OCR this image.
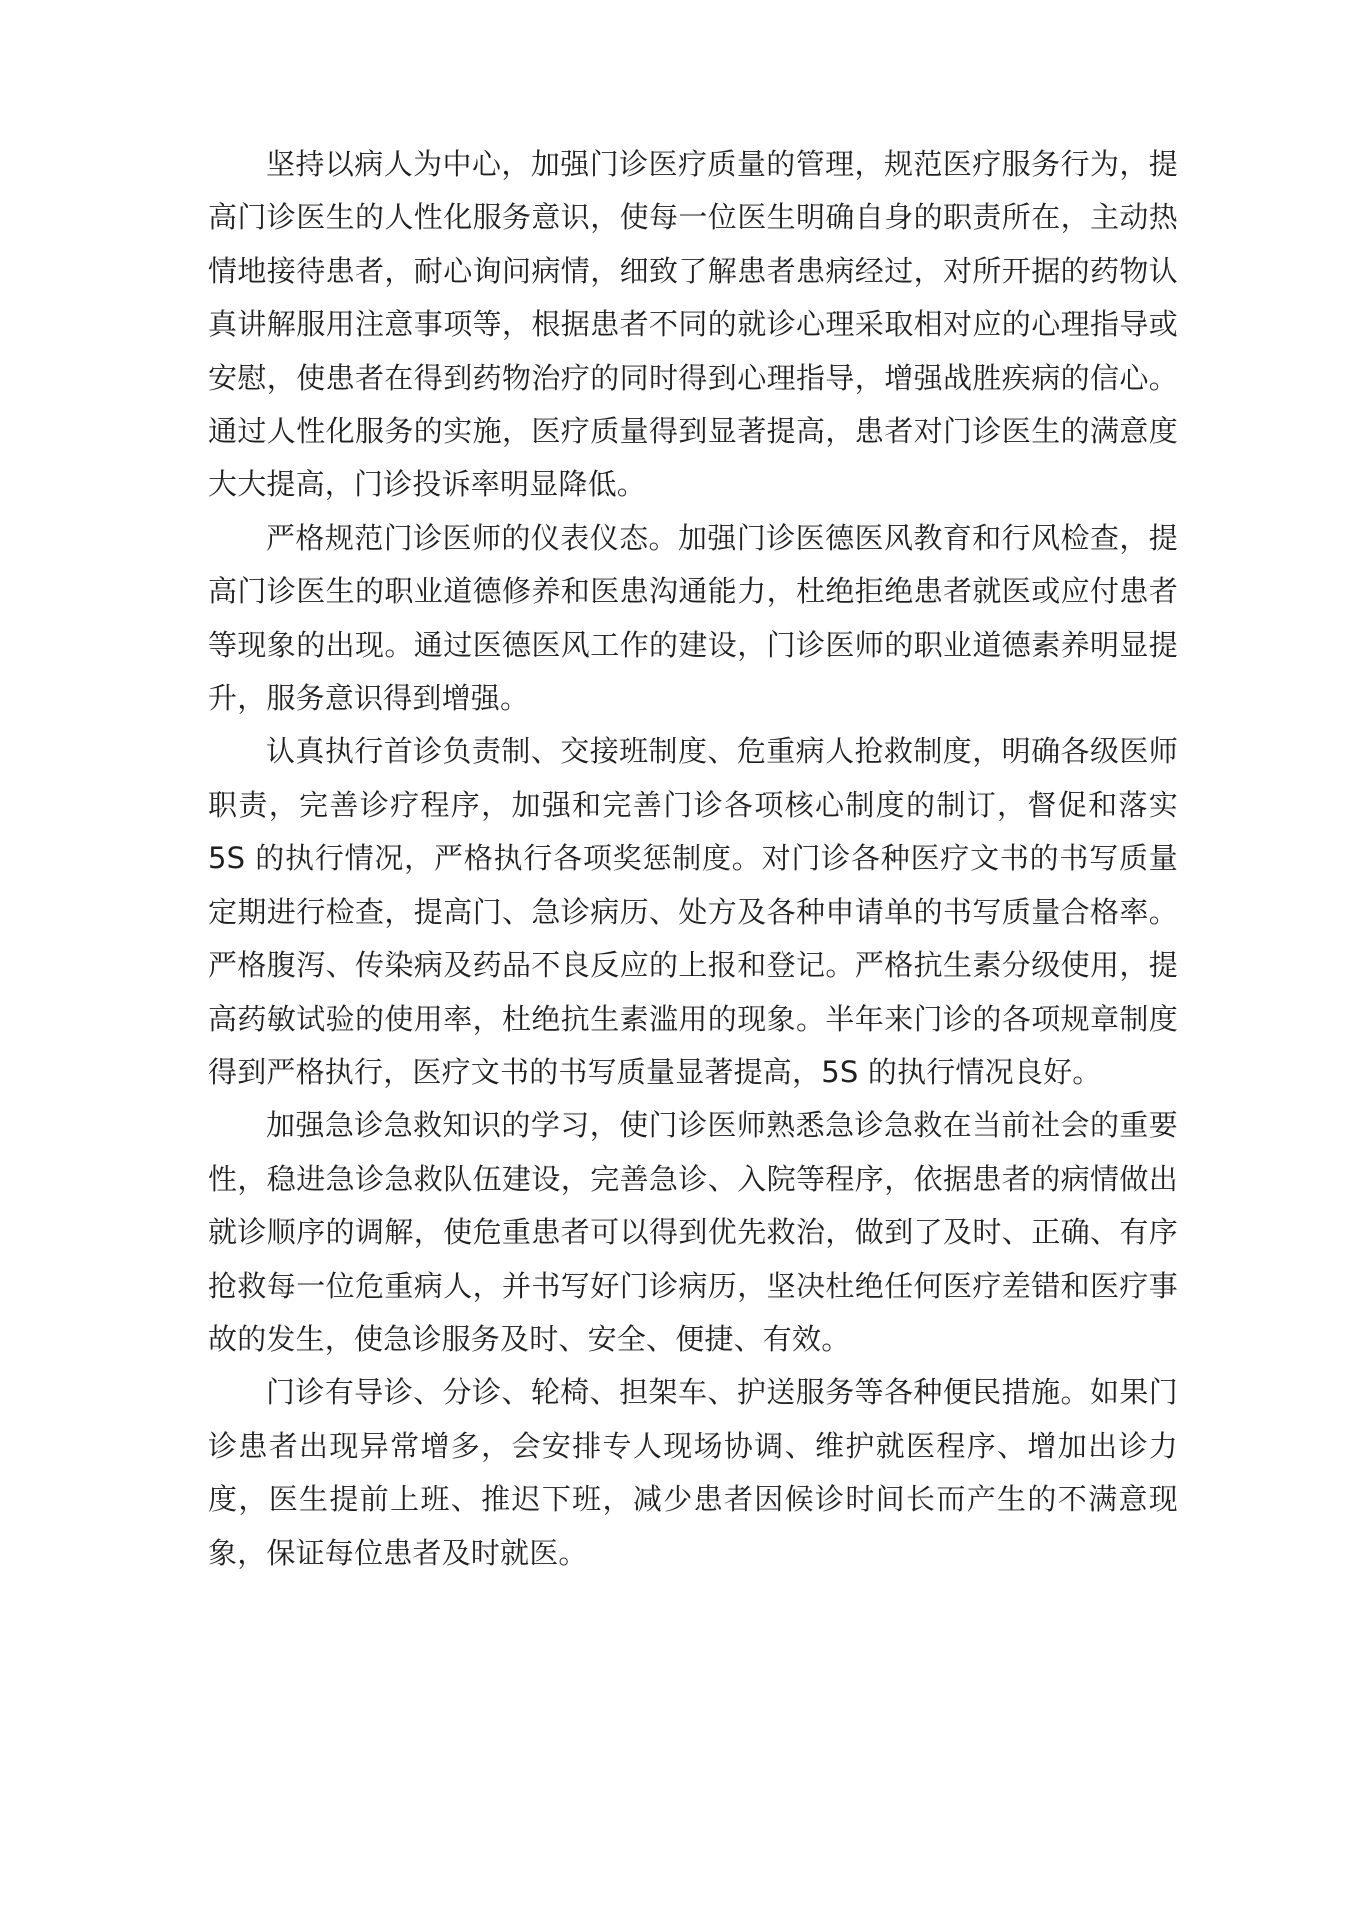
坚持以病人为中心，加强门诊医疗质量的管理，规范医疗服务行为，提高门诊医生的人性化服务意识，使每一位医生明确自身的职责所在，主动热情地接待患者，耐心询问病情，细致了解患者患病经过，对所开据的药物认真讲解服用注意事项等，根据患者不同的就诊心理采取相对应的心理指导或安慰，使患者在得到药物治疗的同时得到心理指导，增强战胜疾病的信心。通过人性化服务的实施，医疗质量得到显著提高，患者对门诊医生的满意度大大提高，门诊投诉率明显降低。

严格规范门诊医师的仪表仪态。加强门诊医德医风教育和行风检查，提高门诊医生的职业道德修养和医患沟通能力，杜绝拒绝患者就医或应付患者等现象的出现。通过医德医风工作的建设，门诊医师的职业道德素养明显提升，服务意识得到增强。

认真执行首诊负责制、交接班制度、危重病人抢救制度，明确各级医师职责，完善诊疗程序，加强和完善门诊各项核心制度的制订，督促和落实 5S 的执行情况，严格执行各项奖惩制度。对门诊各种医疗文书的书写质量定期进行检查，提高门、急诊病历、处方及各种申请单的书写质量合格率。严格腹泻、传染病及药品不良反应的上报和登记。严格抗生素分级使用，提高药敏试验的使用率，杜绝抗生素滥用的现象。半年来门诊的各项规章制度得到严格执行，医疗文书的书写质量显著提高，5S 的执行情况良好。

加强急诊急救知识的学习，使门诊医师熟悉急诊急救在当前社会的重要性，稳进急诊急救队伍建设，完善急诊、入院等程序，依据患者的病情做出就诊顺序的调解，使危重患者可以得到优先救治，做到了及时、正确、有序抢救每一位危重病人，并书写好门诊病历，坚决杜绝任何医疗差错和医疗事故的发生，使急诊服务及时、安全、便捷、有效。

门诊有导诊、分诊、轮椅、担架车、护送服务等各种便民措施。如果门诊患者出现异常增多，会安排专人现场协调、维护就医程序、增加出诊力度，医生提前上班、推迟下班，减少患者因候诊时间长而产生的不满意现象，保证每位患者及时就医。
